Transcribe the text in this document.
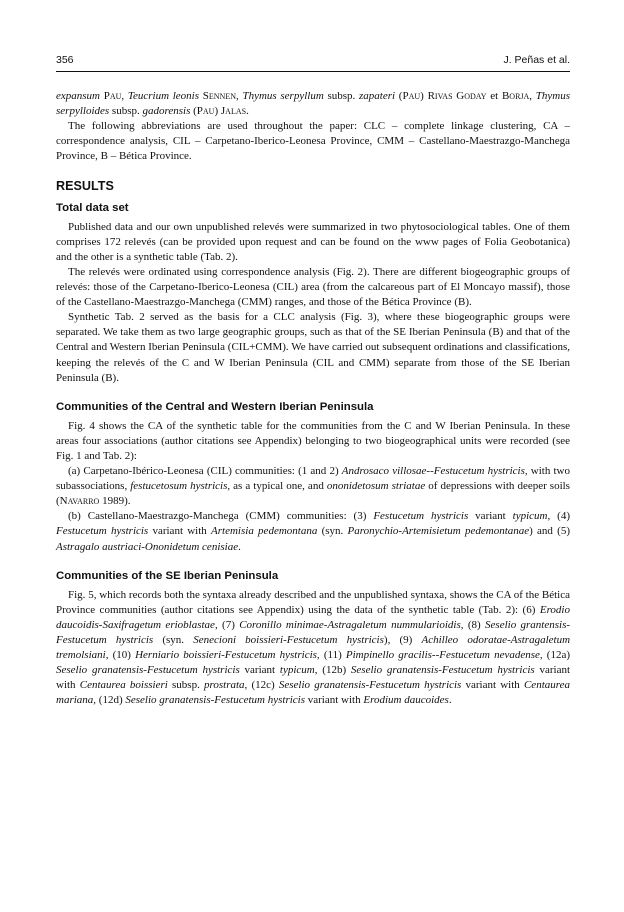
356	J. Peñas et al.

expansum Pau, Teucrium leonis Sennen, Thymus serpyllum subsp. zapateri (Pau) Rivas Goday et Borja, Thymus serpylloides subsp. gadorensis (Pau) Jalas.

The following abbreviations are used throughout the paper: CLC – complete linkage clustering, CA – correspondence analysis, CIL – Carpetano-Iberico-Leonesa Province, CMM – Castellano-Maestrazgo-Manchega Province, B – Bética Province.

RESULTS
Total data set

Published data and our own unpublished relevés were summarized in two phytosociological tables. One of them comprises 172 relevés (can be provided upon request and can be found on the www pages of Folia Geobotanica) and the other is a synthetic table (Tab. 2).

The relevés were ordinated using correspondence analysis (Fig. 2). There are different biogeographic groups of relevés: those of the Carpetano-Iberico-Leonesa (CIL) area (from the calcareous part of El Moncayo massif), those of the Castellano-Maestrazgo-Manchega (CMM) ranges, and those of the Bética Province (B).

Synthetic Tab. 2 served as the basis for a CLC analysis (Fig. 3), where these biogeographic groups were separated. We take them as two large geographic groups, such as that of the SE Iberian Peninsula (B) and that of the Central and Western Iberian Peninsula (CIL+CMM). We have carried out subsequent ordinations and classifications, keeping the relevés of the C and W Iberian Peninsula (CIL and CMM) separate from those of the SE Iberian Peninsula (B).

Communities of the Central and Western Iberian Peninsula

Fig. 4 shows the CA of the synthetic table for the communities from the C and W Iberian Peninsula. In these areas four associations (author citations see Appendix) belonging to two biogeographical units were recorded (see Fig. 1 and Tab. 2):

(a) Carpetano-Ibérico-Leonesa (CIL) communities: (1 and 2) Androsaco villosae--Festucetum hystricis, with two subassociations, festucetosum hystricis, as a typical one, and ononidetosum striatae of depressions with deeper soils (Navarro 1989).

(b) Castellano-Maestrazgo-Manchega (CMM) communities: (3) Festucetum hystricis variant typicum, (4) Festucetum hystricis variant with Artemisia pedemontana (syn. Paronychio-Artemisietum pedemontanae) and (5) Astragalo austriaci-Ononidetum cenisiae.

Communities of the SE Iberian Peninsula

Fig. 5, which records both the syntaxa already described and the unpublished syntaxa, shows the CA of the Bética Province communities (author citations see Appendix) using the data of the synthetic table (Tab. 2): (6) Erodio daucoidis-Saxifragetum erioblastae, (7) Coronillo minimae-Astragaletum nummularioidis, (8) Seselio grantensis-Festucetum hystricis (syn. Senecioni boissieri-Festucetum hystricis), (9) Achilleo odoratae-Astragaletum tremolsiani, (10) Herniario boissieri-Festucetum hystricis, (11) Pimpinello gracilis--Festucetum nevadense, (12a) Seselio granatensis-Festucetum hystricis variant typicum, (12b) Seselio granatensis-Festucetum hystricis variant with Centaurea boissieri subsp. prostrata, (12c) Seselio granatensis-Festucetum hystricis variant with Centaurea mariana, (12d) Seselio granatensis-Festucetum hystricis variant with Erodium daucoides.
